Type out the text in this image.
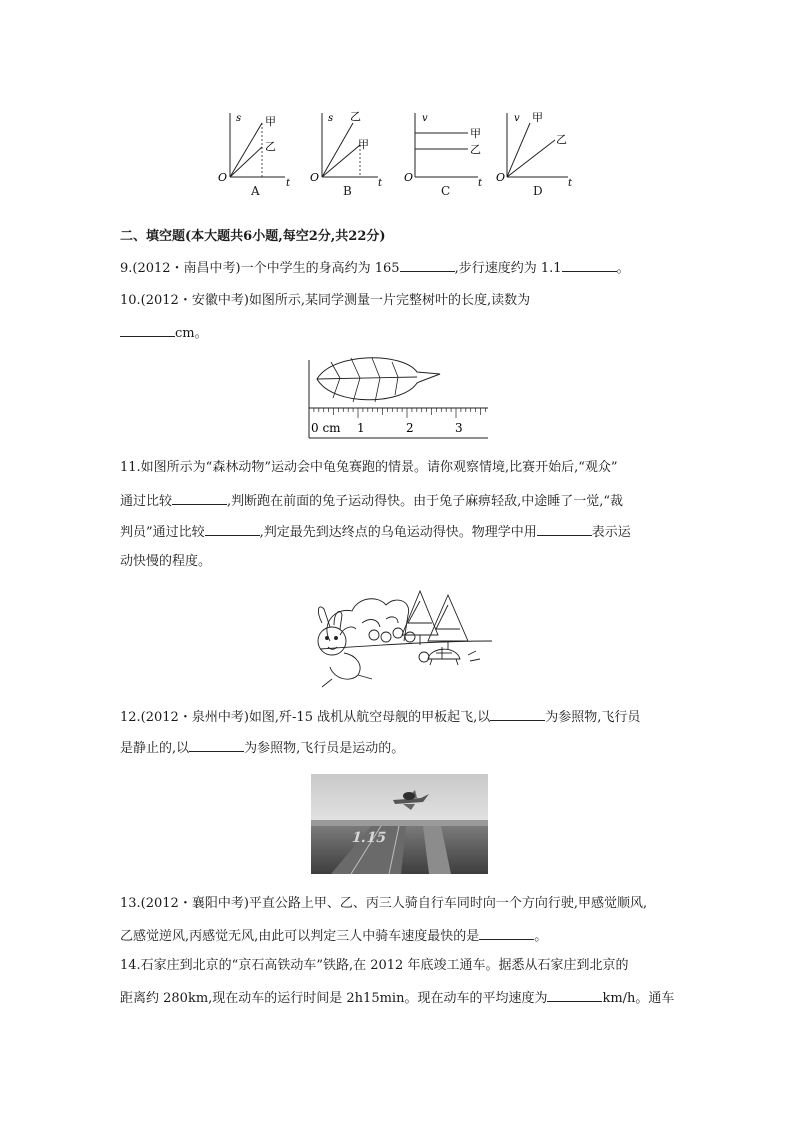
s
t
O
甲
乙
s
t
O
乙
甲
v
t
O
甲
乙
v
t
O
甲
乙
A	B	C	D
二、填空题(本大题共6小题,每空2分,共22分)
9.(2012・南昌中考)一个中学生的身高约为 165	,步行速度约为 1.1	。
10.(2012・安徽中考)如图所示,某同学测量一片完整树叶的长度,读数为
cm。
0 cm 1	2	3
11.如图所示为“森林动物”运动会中龟兔赛跑的情景。请你观察情境,比赛开始后,“观众”
通过比较	,判断跑在前面的兔子运动得快。由于兔子麻痹轻敌,中途睡了一觉,“裁
判员”通过比较	,判定最先到达终点的乌龟运动得快。物理学中用	表示运
动快慢的程度。
12.(2012・泉州中考)如图,歼-15 战机从航空母舰的甲板起飞,以	为参照物,飞行员
是静止的,以	为参照物,飞行员是运动的。
1.15
13.(2012・襄阳中考)平直公路上甲、乙、丙三人骑自行车同时向一个方向行驶,甲感觉顺风,
乙感觉逆风,丙感觉无风,由此可以判定三人中骑车速度最快的是	。
14.石家庄到北京的“京石高铁动车”铁路,在 2012 年底竣工通车。据悉从石家庄到北京的
距离约 280km,现在动车的运行时间是 2h15min。现在动车的平均速度为	km/h。通车
